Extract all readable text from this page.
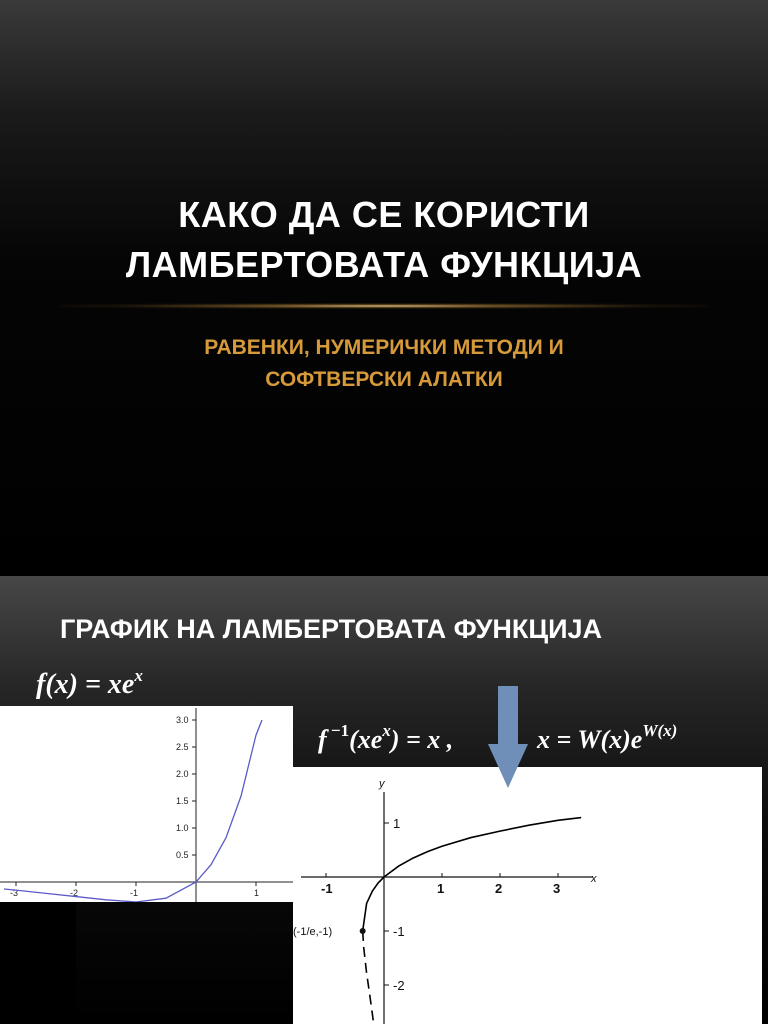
КАКО ДА СЕ КОРИСТИ
ЛАМБЕРТОВАТА ФУНКЦИЈА
РАВЕНКИ, НУМЕРИЧКИ МЕТОДИ И
СОФТВЕРСКИ АЛАТКИ
ГРАФИК НА ЛАМБЕРТОВАТА ФУНКЦИЈА
$f(x) = xe^x$
-3	-2	-1	1
0.5
1.0
1.5
2.0
2.5
3.0
f $^{-1}(xe^x) = x$ ,	$x = W(x)e^{W(x)}$
y
x
-1	1	2	3
1
-1
-2
(-1/e,-1)
